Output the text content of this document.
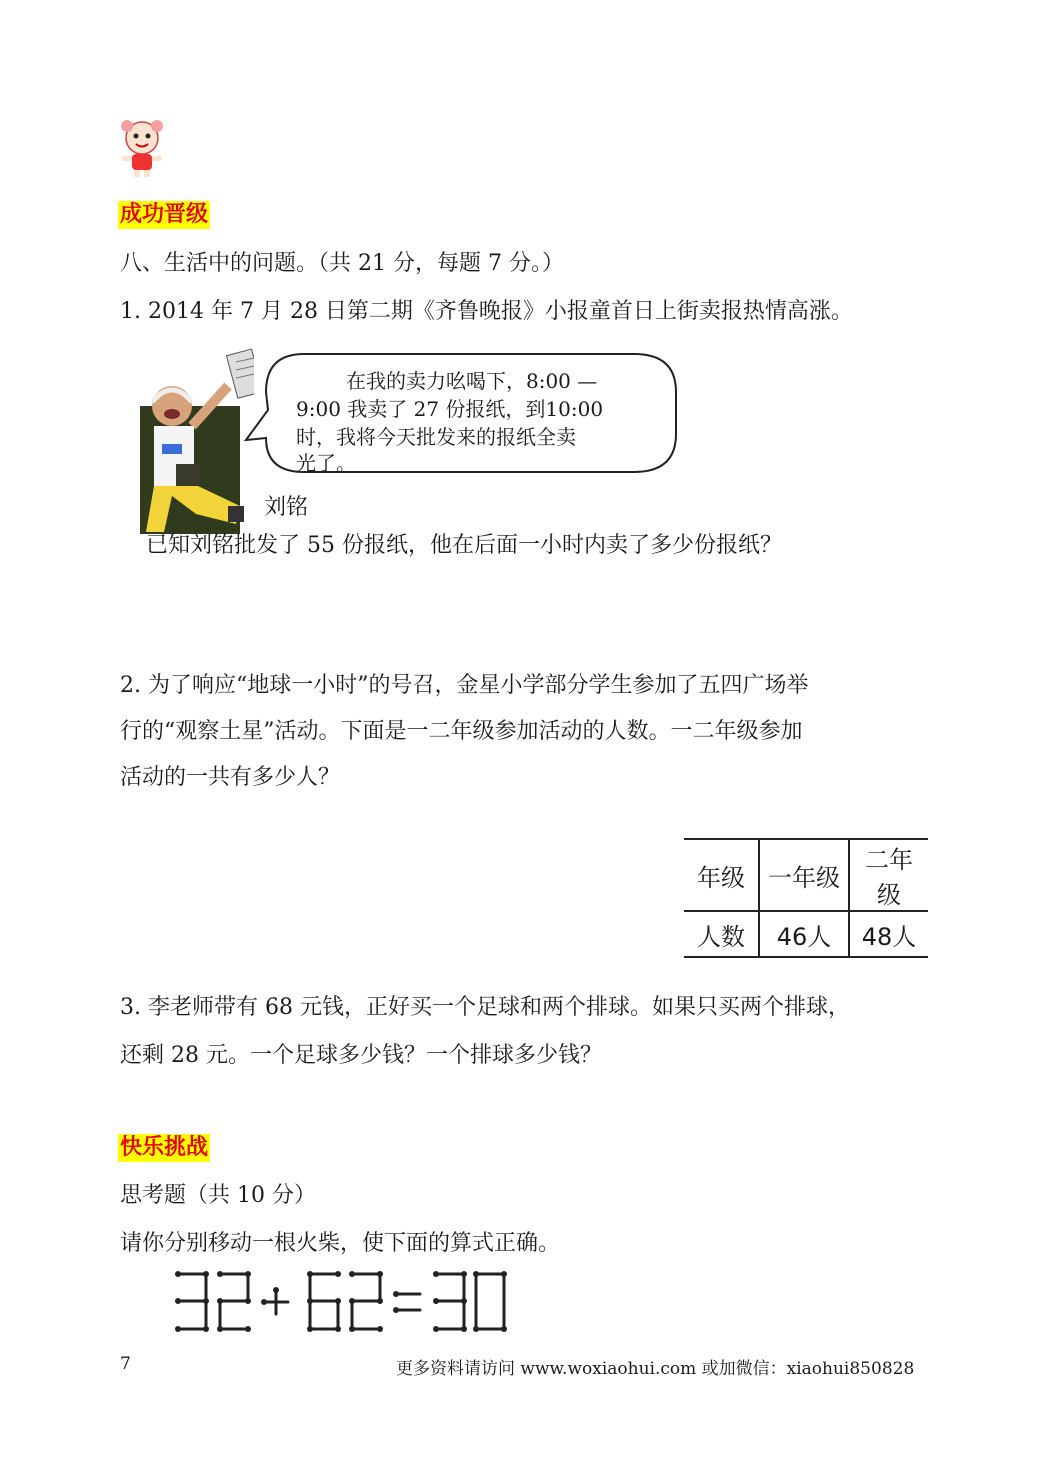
成功晋级
八、生活中的问题。（共 21 分，每题 7 分。）
1. 2014 年 7 月 28 日第二期《齐鲁晚报》小报童首日上街卖报热情高涨。
在我的卖力吆喝下，8:00 —
9:00 我卖了 27 份报纸，到10:00
时，我将今天批发来的报纸全卖
光了。
刘铭
已知刘铭批发了 55 份报纸，他在后面一小时内卖了多少份报纸？
2. 为了响应“地球一小时”的号召，金星小学部分学生参加了五四广场举
行的“观察土星”活动。下面是一二年级参加活动的人数。一二年级参加
活动的一共有多少人？
年级	一年级	二年级
人数	46人	48人
3. 李老师带有 68 元钱，正好买一个足球和两个排球。如果只买两个排球，
还剩 28 元。一个足球多少钱？一个排球多少钱？
快乐挑战
思考题（共 10 分）
请你分别移动一根火柴，使下面的算式正确。
7	更多资料请访问 www.woxiaohui.com 或加微信：xiaohui850828
